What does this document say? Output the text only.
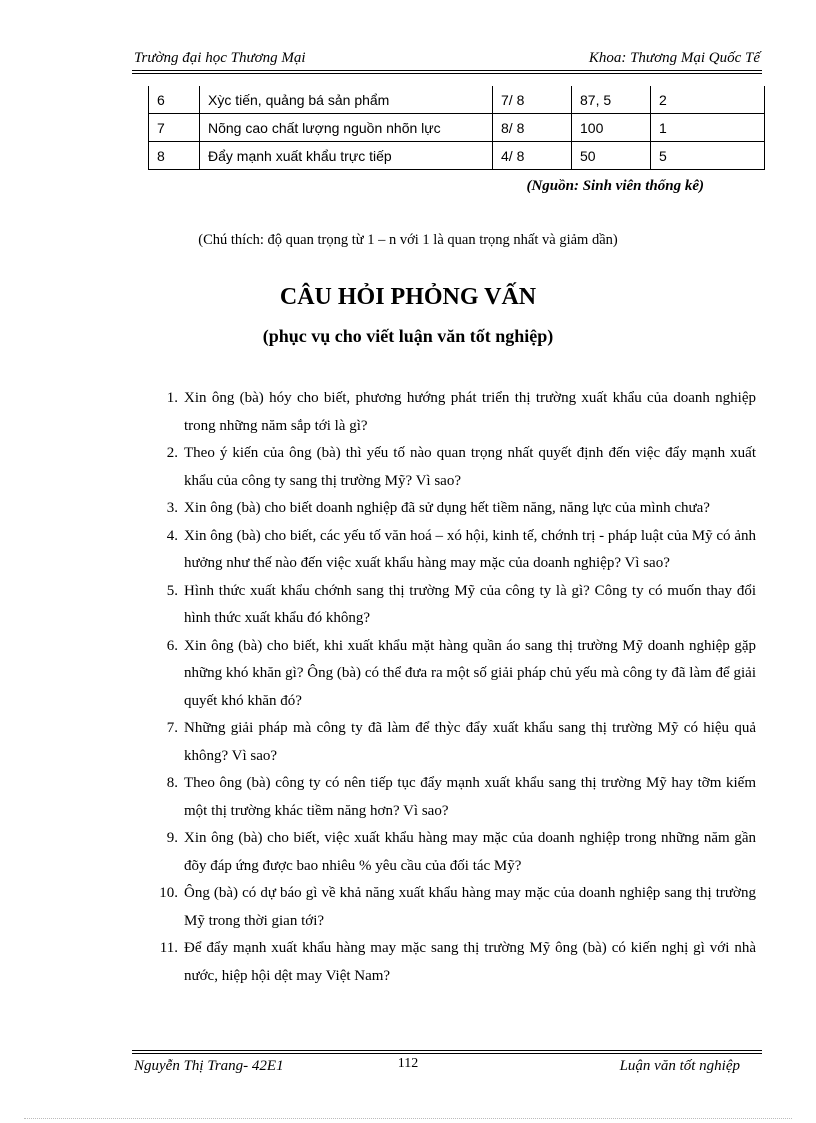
Trường đại học Thương Mại	Khoa: Thương Mại Quốc Tế
6	Xỳc tiến, quảng bá sản phẩm	7/ 8	87, 5	2
7	Nõng cao chất lượng nguồn nhõn lực	8/ 8	100	1
8	Đẩy mạnh xuất khẩu trực tiếp	4/ 8	50	5
(Nguồn: Sinh viên thống kê)
(Chú thích: độ quan trọng từ 1 – n với 1 là quan trọng nhất và giảm dần)
CÂU HỎI PHỎNG VẤN
(phục vụ cho viết luận văn tốt nghiệp)
1. Xin ông (bà) hóy cho biết, phương hướng phát triển thị trường xuất khẩu của doanh nghiệp trong những năm sắp tới là gì?
2. Theo ý kiến của ông (bà) thì yếu tố nào quan trọng nhất quyết định đến việc đẩy mạnh xuất khẩu của công ty sang thị trường Mỹ? Vì sao?
3. Xin ông (bà) cho biết doanh nghiệp đã sử dụng hết tiềm năng, năng lực của mình chưa?
4. Xin ông (bà) cho biết, các yếu tố văn hoá – xó hội, kinh tế, chớnh trị - pháp luật của Mỹ có ảnh hưởng như thế nào đến việc xuất khẩu hàng may mặc của doanh nghiệp? Vì sao?
5. Hình thức xuất khẩu chớnh sang thị trường Mỹ của công ty là gì? Công ty có muốn thay đổi hình thức xuất khẩu đó không?
6. Xin ông (bà) cho biết, khi xuất khẩu mặt hàng quần áo sang thị trường Mỹ doanh nghiệp gặp những khó khăn gì? Ông (bà) có thể đưa ra một số giải pháp chủ yếu mà công ty đã làm để giải quyết khó khăn đó?
7. Những giải pháp mà công ty đã làm để thỳc đẩy xuất khẩu sang thị trường Mỹ có hiệu quả không? Vì sao?
8. Theo ông (bà) công ty có nên tiếp tục đẩy mạnh xuất khẩu sang thị trường Mỹ hay tỡm kiếm một thị trường khác tiềm năng hơn? Vì sao?
9. Xin ông (bà) cho biết, việc xuất khẩu hàng may mặc của doanh nghiệp trong những năm gần đõy đáp ứng được bao nhiêu % yêu cầu của đối tác Mỹ?
10. Ông (bà) có dự báo gì về khả năng xuất khẩu hàng may mặc của doanh nghiệp sang thị trường Mỹ trong thời gian tới?
11. Để đẩy mạnh xuất khẩu hàng may mặc sang thị trường Mỹ ông (bà) có kiến nghị gì với nhà nước, hiệp hội dệt may Việt Nam?
Nguyễn Thị Trang- 42E1	112	Luận văn tốt nghiệp
